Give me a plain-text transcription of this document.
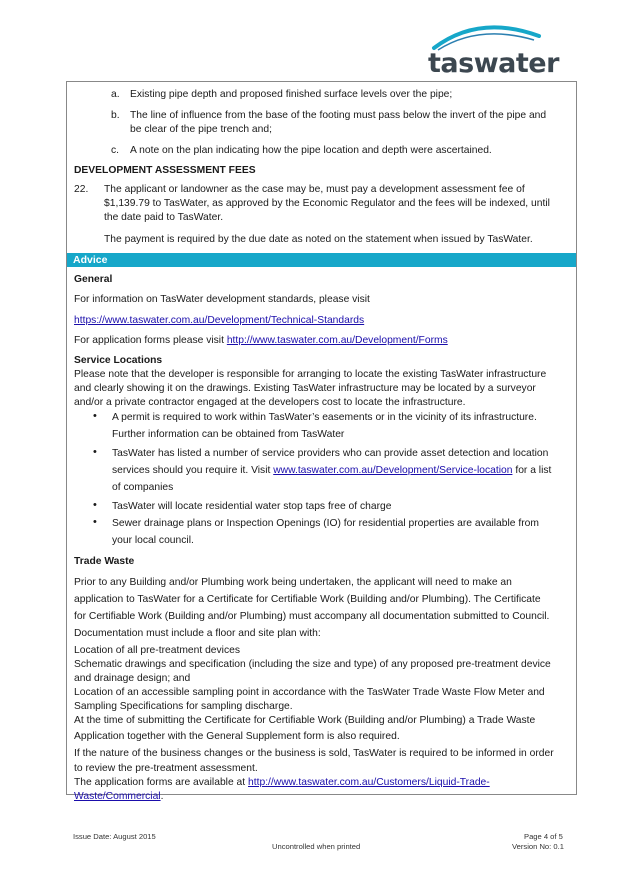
taswater
a. Existing pipe depth and proposed finished surface levels over the pipe;
b. The line of influence from the base of the footing must pass below the invert of the pipe and
be clear of the pipe trench and;
c. A note on the plan indicating how the pipe location and depth were ascertained.
DEVELOPMENT ASSESSMENT FEES
22. The applicant or landowner as the case may be, must pay a development assessment fee of
$1,139.79 to TasWater, as approved by the Economic Regulator and the fees will be indexed, until
the date paid to TasWater.
The payment is required by the due date as noted on the statement when issued by TasWater.
Advice
General
For information on TasWater development standards, please visit
https://www.taswater.com.au/Development/Technical-Standards
For application forms please visit http://www.taswater.com.au/Development/Forms
Service Locations
Please note that the developer is responsible for arranging to locate the existing TasWater infrastructure
and clearly showing it on the drawings. Existing TasWater infrastructure may be located by a surveyor
and/or a private contractor engaged at the developers cost to locate the infrastructure.
• A permit is required to work within TasWater’s easements or in the vicinity of its infrastructure.
Further information can be obtained from TasWater
• TasWater has listed a number of service providers who can provide asset detection and location
services should you require it. Visit www.taswater.com.au/Development/Service-location for a list
of companies
• TasWater will locate residential water stop taps free of charge
• Sewer drainage plans or Inspection Openings (IO) for residential properties are available from
your local council.
Trade Waste
Prior to any Building and/or Plumbing work being undertaken, the applicant will need to make an
application to TasWater for a Certificate for Certifiable Work (Building and/or Plumbing). The Certificate
for Certifiable Work (Building and/or Plumbing) must accompany all documentation submitted to Council.
Documentation must include a floor and site plan with:
Location of all pre-treatment devices
Schematic drawings and specification (including the size and type) of any proposed pre-treatment device
and drainage design; and
Location of an accessible sampling point in accordance with the TasWater Trade Waste Flow Meter and
Sampling Specifications for sampling discharge.
At the time of submitting the Certificate for Certifiable Work (Building and/or Plumbing) a Trade Waste
Application together with the General Supplement form is also required.
If the nature of the business changes or the business is sold, TasWater is required to be informed in order
to review the pre-treatment assessment.
The application forms are available at http://www.taswater.com.au/Customers/Liquid-Trade-
Waste/Commercial.
Issue Date: August 2015
Uncontrolled when printed
Page 4 of 5
Version No: 0.1
